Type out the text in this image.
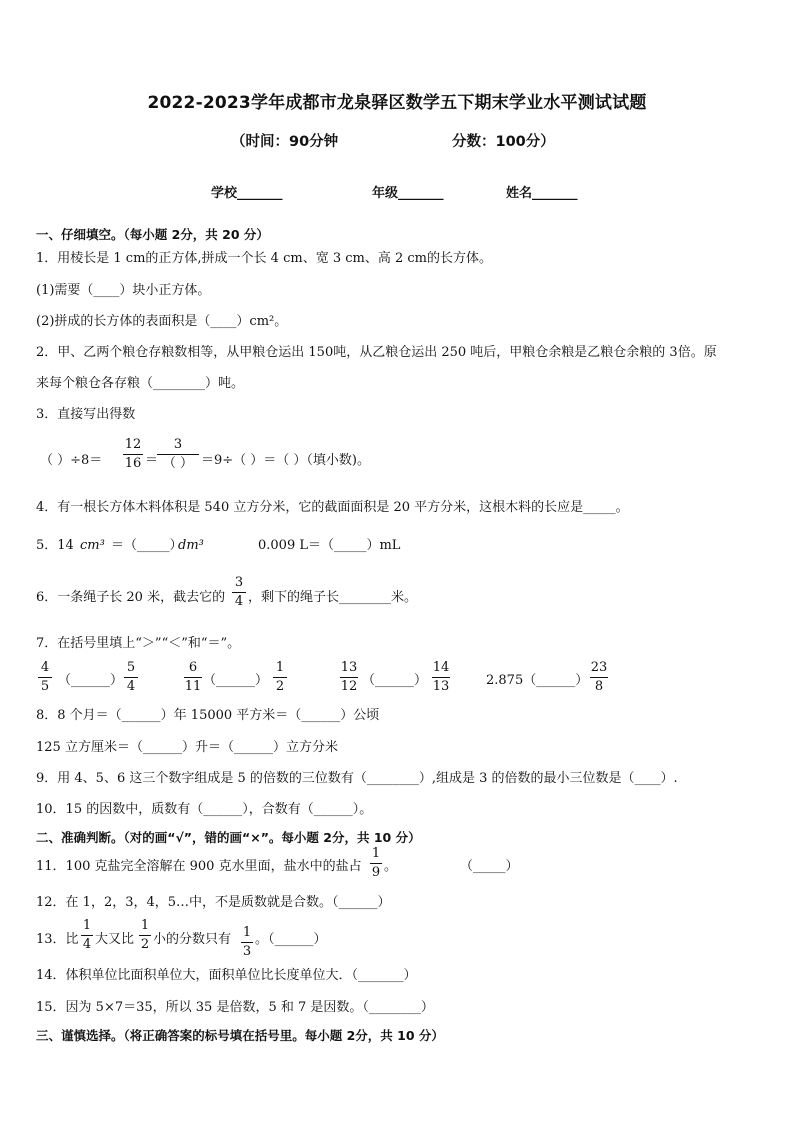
2022-2023学年成都市龙泉驿区数学五下期末学业水平测试试题
（时间：90分钟	分数：100分）
学校_______	年级_______	姓名_______
一、仔细填空。（每小题 2分，共 20 分）
1．用棱长是 1 cm的正方体,拼成一个长 4 cm、宽 3 cm、高 2 cm的长方体。
(1)需要（____）块小正方体。
(2)拼成的长方体的表面积是（____）cm²。
2．甲、乙两个粮仓存粮数相等，从甲粮仓运出 150吨，从乙粮仓运出 250 吨后，甲粮仓余粮是乙粮仓余粮的 3倍。原
来每个粮仓各存粮（________）吨。
3．直接写出得数
（ ）÷8＝
12
16 ＝
3
（ ） ＝9÷（ ）＝（ ）（填小数)。
4．有一根长方体木料体积是 540 立方分米，它的截面面积是 20 平方分米，这根木料的长应是_____。
5．14 cm³ ＝（_____）
dm³	0.009 L＝（_____）mL
6．一条绳子长 20 米，截去它的
3
4 ，剩下的绳子长________米。
7．在括号里填上“＞”“＜”和“＝”。
4
5 （______）
5
4
6
11 （______）
1
2
13
12 （______）
14
13	2.875（______）
23
8
8．8 个月＝（______）年 15000 平方米＝（______）公顷
125 立方厘米＝（______）升＝（______）立方分米
9．用 4、5、6 这三个数字组成是 5 的倍数的三位数有（________）,组成是 3 的倍数的最小三位数是（____）.
10．15 的因数中，质数有（______），合数有（______）。
二、准确判断。（对的画“√”，错的画“×”。每小题 2分，共 10 分）
11．100 克盐完全溶解在 900 克水里面，盐水中的盐占
1
9 。	（_____）
12．在 1，2，3，4，5…中，不是质数就是合数。（______）
13．比
1
4 大又比
1
2 小的分数只有 1
3
。（______）
14．体积单位比面积单位大，面积单位比长度单位大．（_______）
15．因为 5×7＝35，所以 35 是倍数，5 和 7 是因数。（________）
三、谨慎选择。（将正确答案的标号填在括号里。每小题 2分，共 10 分）
